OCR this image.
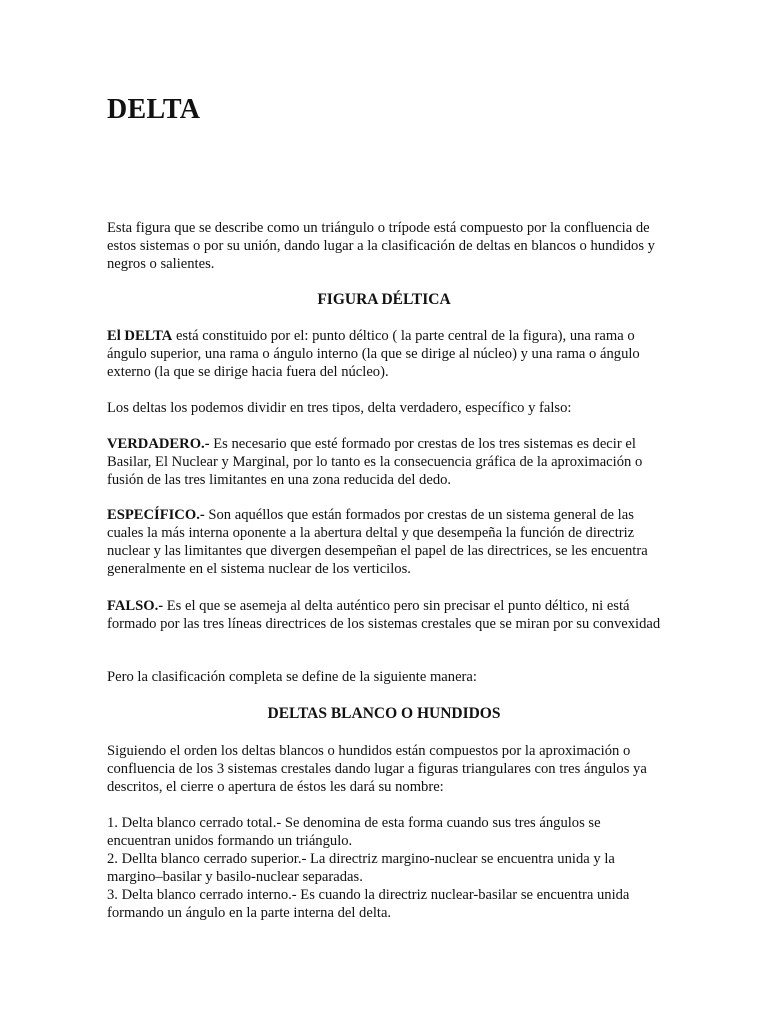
DELTA

Esta figura que se describe como un triángulo o trípode está compuesto por la confluencia de estos sistemas o por su unión, dando lugar a la clasificación de deltas en blancos o hundidos y negros o salientes.

FIGURA DÉLTICA

El DELTA está constituido por el: punto déltico ( la parte central de la figura), una rama o ángulo superior, una rama o ángulo interno (la que se dirige al núcleo) y una rama o ángulo externo (la que se dirige hacia fuera del núcleo).

Los deltas los podemos dividir en tres tipos, delta verdadero, específico y falso:

VERDADERO.- Es necesario que esté formado por crestas de los tres sistemas es decir el Basilar, El Nuclear y Marginal, por lo tanto es la consecuencia gráfica de la aproximación o fusión de las tres limitantes en una zona reducida del dedo.

ESPECÍFICO.- Son aquéllos que están formados por crestas de un sistema general de las cuales la más interna oponente a la abertura deltal y que desempeña la función de directriz nuclear y las limitantes que divergen desempeñan el papel de las directrices, se les encuentra generalmente en el sistema nuclear de los verticilos.

FALSO.- Es el que se asemeja al delta auténtico pero sin precisar el punto déltico, ni está formado por las tres líneas directrices de los sistemas crestales que se miran por su convexidad

Pero la clasificación completa se define de la siguiente manera:

DELTAS BLANCO O HUNDIDOS

Siguiendo el orden los deltas blancos o hundidos están compuestos por la aproximación o confluencia de los 3 sistemas crestales dando lugar a figuras triangulares con tres ángulos ya descritos, el cierre o apertura de éstos les dará su nombre:

1. Delta blanco cerrado total.- Se denomina de esta forma cuando sus tres ángulos se encuentran unidos formando un triángulo.
2. Dellta blanco cerrado superior.- La directriz margino-nuclear se encuentra unida y la margino–basilar y basilo-nuclear separadas.
3. Delta blanco cerrado interno.- Es cuando la directriz nuclear-basilar se encuentra unida formando un ángulo en la parte interna del delta.
